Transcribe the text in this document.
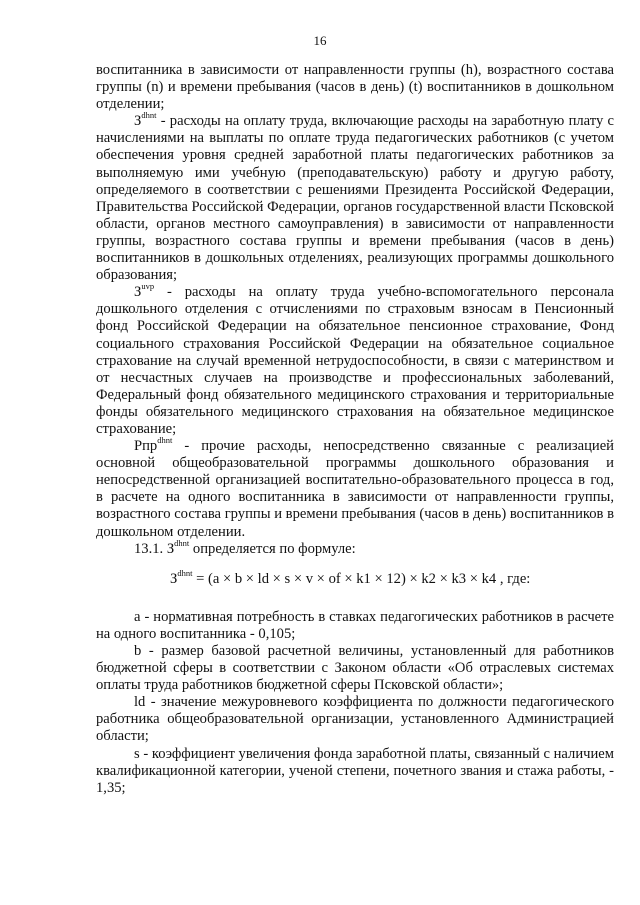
16

воспитанника в зависимости от направленности группы (h), возрастного состава группы (n) и времени пребывания (часов в день) (t) воспитанников в дошкольном отделении;

$З^{dhnt}$ - расходы на оплату труда, включающие расходы на заработную плату с начислениями на выплаты по оплате труда педагогических работников (с учетом обеспечения уровня средней заработной платы педагогических работников за выполняемую ими учебную (преподавательскую) работу и другую работу, определяемого в соответствии с решениями Президента Российской Федерации, Правительства Российской Федерации, органов государственной власти Псковской области, органов местного самоуправления) в зависимости от направленности группы, возрастного состава группы и времени пребывания (часов в день) воспитанников в дошкольных отделениях, реализующих программы дошкольного образования;

$З^{uvp}$ - расходы на оплату труда учебно-вспомогательного персонала дошкольного отделения с отчислениями по страховым взносам в Пенсионный фонд Российской Федерации на обязательное пенсионное страхование, Фонд социального страхования Российской Федерации на обязательное социальное страхование на случай временной нетрудоспособности, в связи с материнством и от несчастных случаев на производстве и профессиональных заболеваний, Федеральный фонд обязательного медицинского страхования и территориальные фонды обязательного медицинского страхования на обязательное медицинское страхование;

Рпр$^{dhnt}$ - прочие расходы, непосредственно связанные с реализацией основной общеобразовательной программы дошкольного образования и непосредственной организацией воспитательно-образовательного процесса в год, в расчете на одного воспитанника в зависимости от направленности группы, возрастного состава группы и времени пребывания (часов в день) воспитанников в дошкольном отделении.

13.1. $З^{dhnt}$ определяется по формуле:

$З^{dhnt} = (a \times b$ × ld × s × v × of × k1 × 12) × k2 × k3 × k4 , где:

а - нормативная потребность в ставках педагогических работников в расчете на одного воспитанника - 0,105;

b - размер базовой расчетной величины, установленный для работников бюджетной сферы в соответствии с Законом области «Об отраслевых системах оплаты труда работников бюджетной сферы Псковской области»;

ld - значение межуровневого коэффициента по должности педагогического работника общеобразовательной организации, установленного Администрацией области;

s - коэффициент увеличения фонда заработной платы, связанный с наличием квалификационной категории, ученой степени, почетного звания и стажа работы, - 1,35;
